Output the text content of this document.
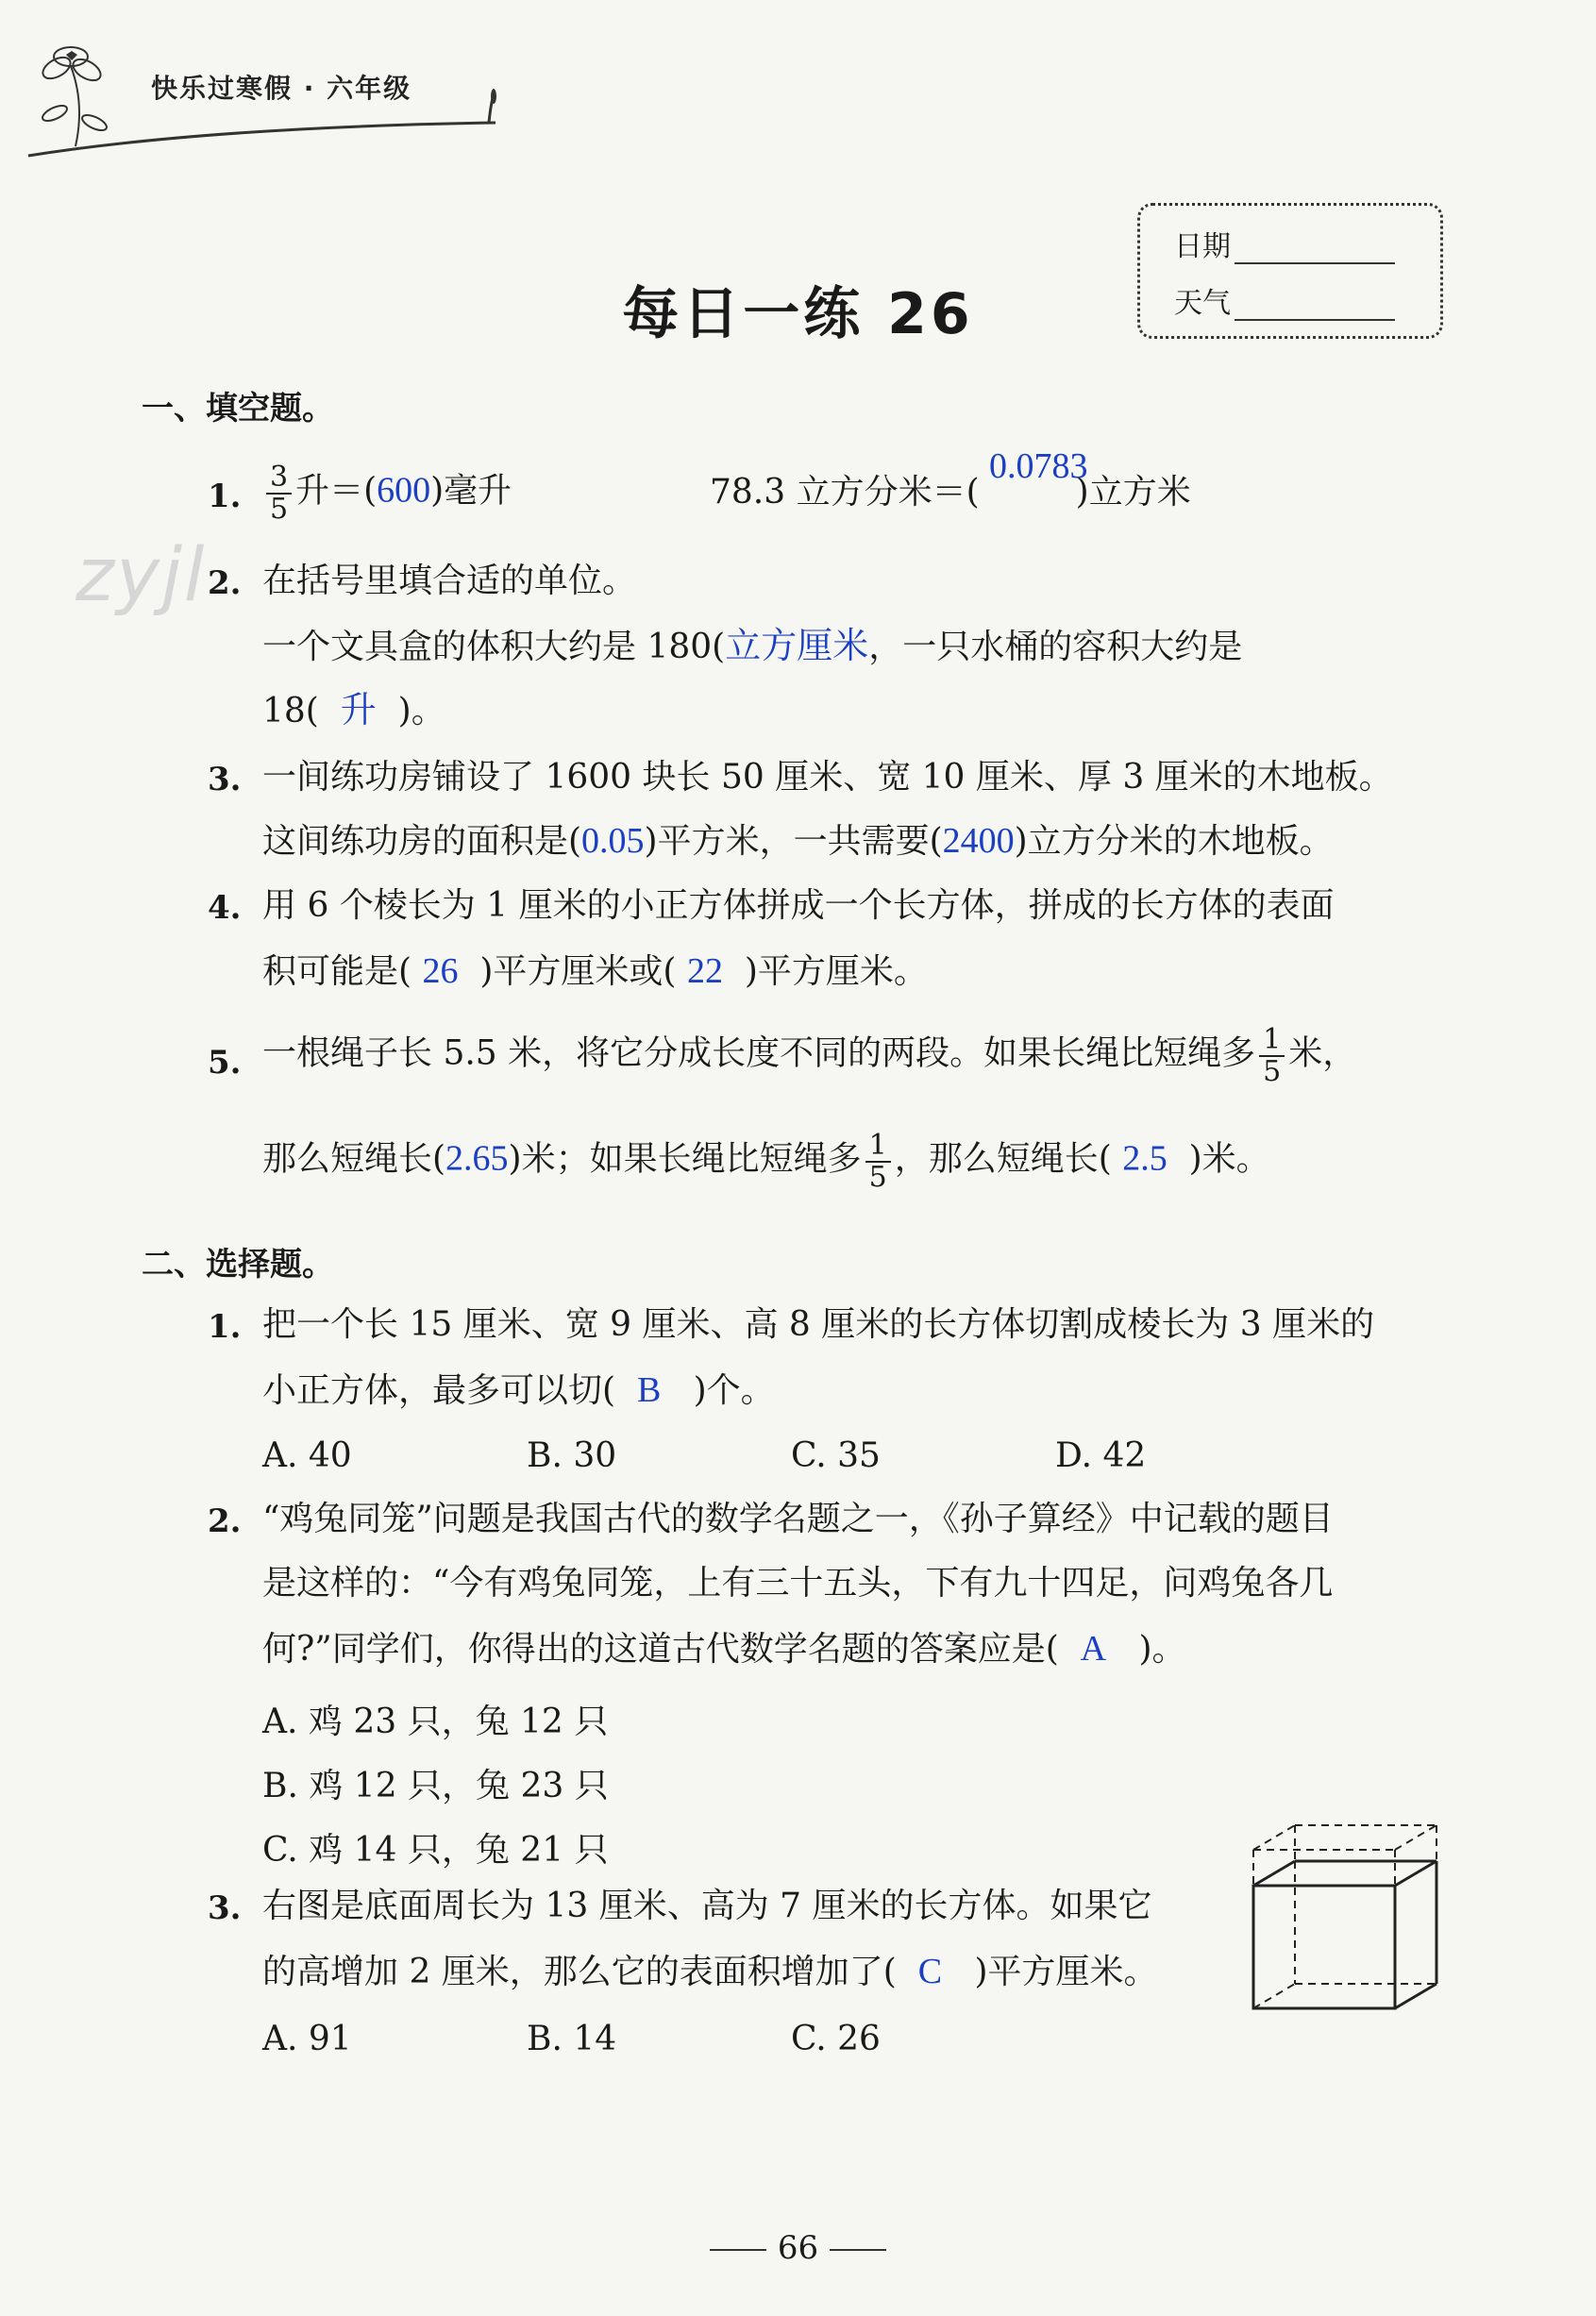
快乐过寒假 · 六年级
日期
天气
每日一练 26
zyjl
一、填空题。
1. $\frac{3}{5}$ 升＝(600)毫升	78.3 立方分米＝(	)立方米
0.0783
2. 在括号里填合适的单位。
一个文具盒的体积大约是 180(立方厘米，一只水桶的容积大约是
18( 升 )。
3. 一间练功房铺设了 1600 块长 50 厘米、宽 10 厘米、厚 3 厘米的木地板。
这间练功房的面积是(0.05)平方米，一共需要(2400)立方分米的木地板。
4. 用 6 个棱长为 1 厘米的小正方体拼成一个长方体，拼成的长方体的表面
积可能是( 26 )平方厘米或( 22 )平方厘米。
5. 一根绳子长 5.5 米，将它分成长度不同的两段。如果长绳比短绳多 $\frac{1}{5}$ 米，
那么短绳长(2.65)米；如果长绳比短绳多 $\frac{1}{5}$ ，那么短绳长( 2.5 )米。
二、选择题。
1. 把一个长 15 厘米、宽 9 厘米、高 8 厘米的长方体切割成棱长为 3 厘米的
小正方体，最多可以切( B )个。
A. 40	B. 30	C. 35	D. 42
2. “鸡兔同笼”问题是我国古代的数学名题之一，《孙子算经》中记载的题目
是这样的：“今有鸡兔同笼，上有三十五头，下有九十四足，问鸡兔各几
何?”同学们，你得出的这道古代数学名题的答案应是( A )。
A. 鸡 23 只，兔 12 只
B. 鸡 12 只，兔 23 只
C. 鸡 14 只，兔 21 只
3. 右图是底面周长为 13 厘米、高为 7 厘米的长方体。如果它
的高增加 2 厘米，那么它的表面积增加了( C )平方厘米。
A. 91	B. 14	C. 26
66
